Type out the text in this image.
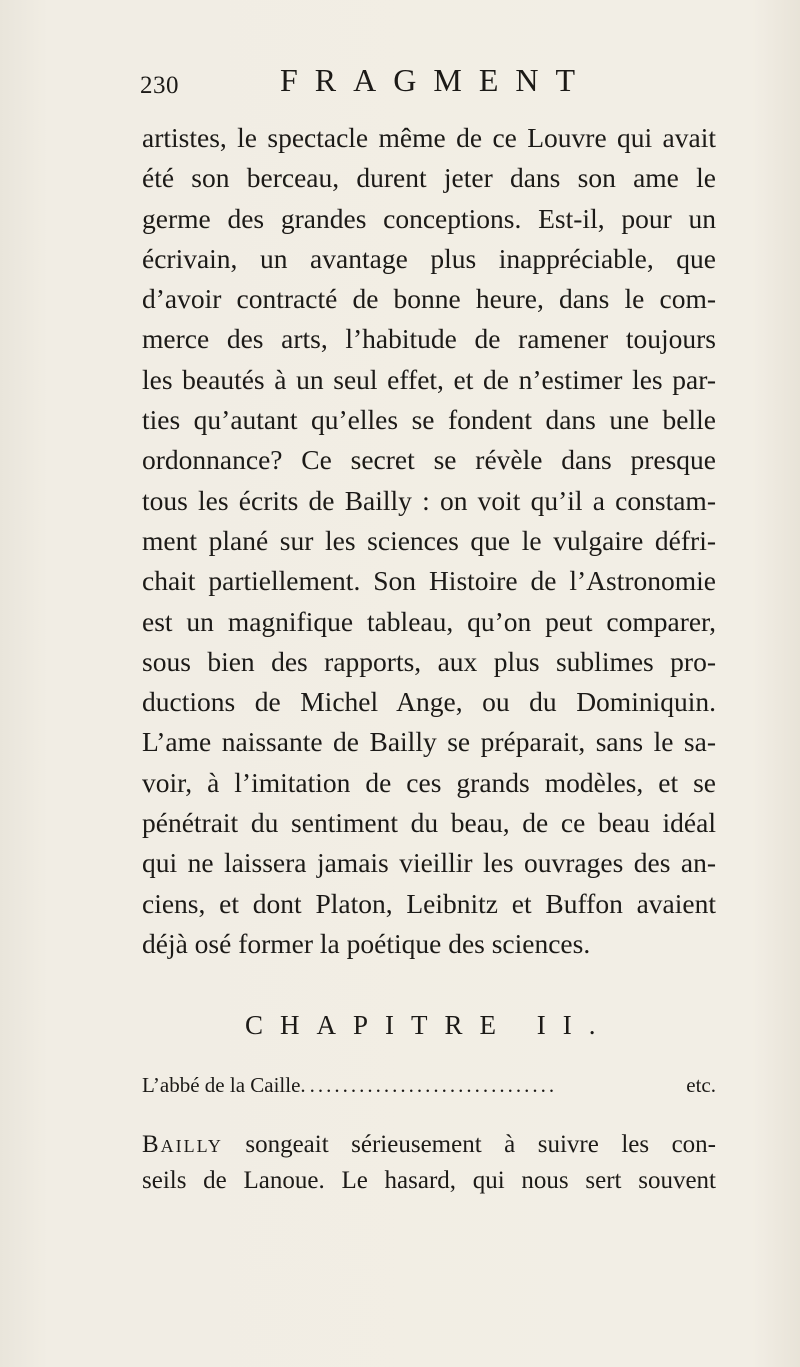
230	FRAGMENT
artistes, le spectacle même de ce Louvre qui avait
été son berceau, durent jeter dans son ame le
germe des grandes conceptions. Est-il, pour un
écrivain, un avantage plus inappréciable, que
d’avoir contracté de bonne heure, dans le com-
merce des arts, l’habitude de ramener toujours
les beautés à un seul effet, et de n’estimer les par-
ties qu’autant qu’elles se fondent dans une belle
ordonnance? Ce secret se révèle dans presque
tous les écrits de Bailly : on voit qu’il a constam-
ment plané sur les sciences que le vulgaire défri-
chait partiellement. Son Histoire de l’Astronomie
est un magnifique tableau, qu’on peut comparer,
sous bien des rapports, aux plus sublimes pro-
ductions de Michel Ange, ou du Dominiquin.
L’ame naissante de Bailly se préparait, sans le sa-
voir, à l’imitation de ces grands modèles, et se
pénétrait du sentiment du beau, de ce beau idéal
qui ne laissera jamais vieillir les ouvrages des an-
ciens, et dont Platon, Leibnitz et Buffon avaient
déjà osé former la poétique des sciences.
CHAPITRE II.
L’abbé de la Caille. ..............................	etc.
Bailly songeait sérieusement à suivre les con-
seils de Lanoue. Le hasard, qui nous sert souvent
